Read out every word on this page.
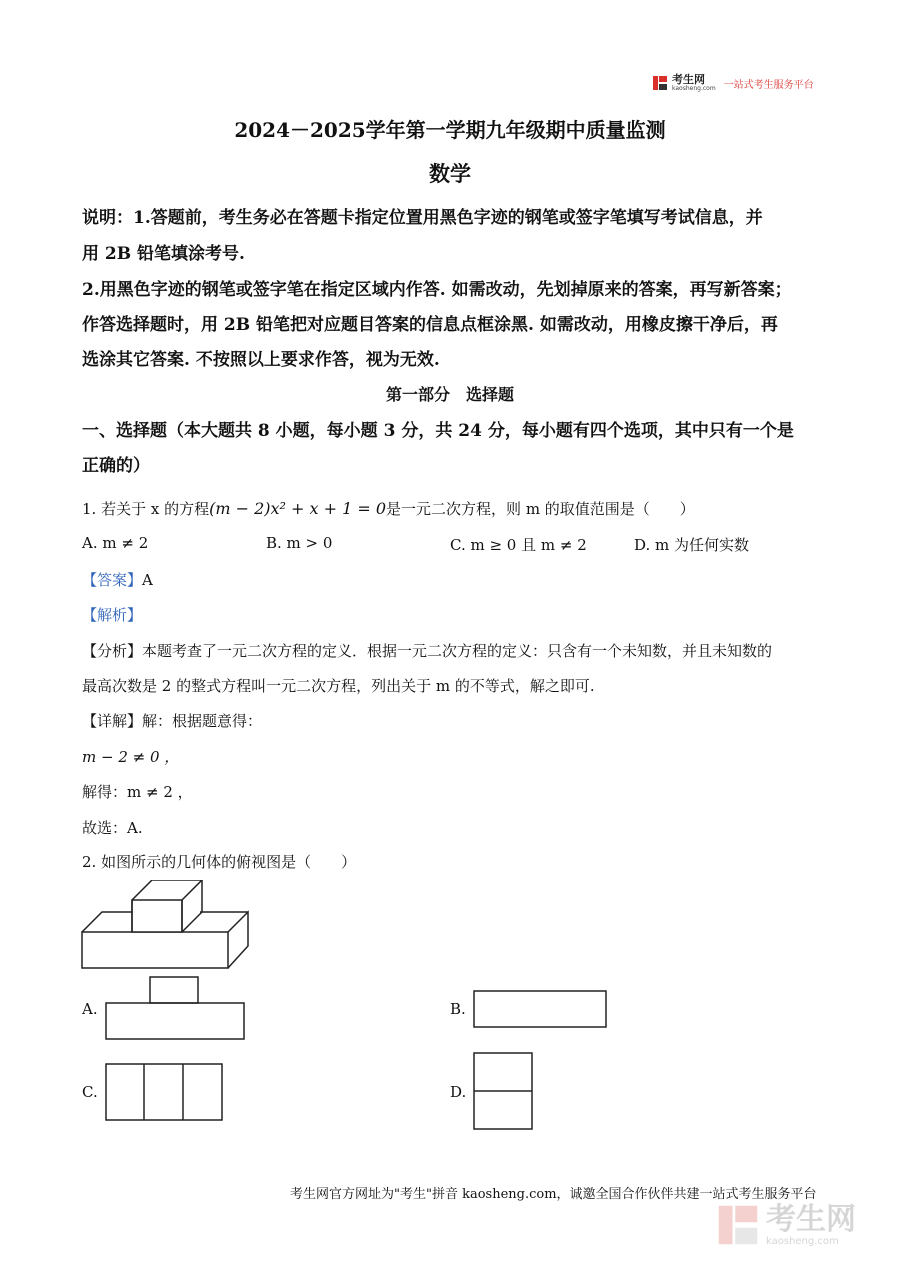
考生网
kaosheng.com 一站式考生服务平台
2024－2025学年第一学期九年级期中质量监测
数学
说明：1.答题前，考生务必在答题卡指定位置用黑色字迹的钢笔或签字笔填写考试信息，并
用 2B 铅笔填涂考号.
2.用黑色字迹的钢笔或签字笔在指定区域内作答. 如需改动，先划掉原来的答案，再写新答案；
作答选择题时，用 2B 铅笔把对应题目答案的信息点框涂黑. 如需改动，用橡皮擦干净后，再
选涂其它答案. 不按照以上要求作答，视为无效.
第一部分　选择题
一、选择题（本大题共 8 小题，每小题 3 分，共 24 分，每小题有四个选项，其中只有一个是
正确的）
1. 若关于 x 的方程(m − 2)x² + x + 1 = 0是一元二次方程，则 m 的取值范围是（　　）
A. m ≠ 2	B. m > 0	C. m ≥ 0 且 m ≠ 2	D. m 为任何实数
【答案】A
【解析】
【分析】本题考查了一元二次方程的定义．根据一元二次方程的定义：只含有一个未知数，并且未知数的
最高次数是 2 的整式方程叫一元二次方程，列出关于 m 的不等式，解之即可.
【详解】解：根据题意得：
m − 2 ≠ 0 ，
解得：m ≠ 2 ，
故选：A.
2. 如图所示的几何体的俯视图是（　　）
A.	B.
C.	D.
考生网官方网址为"考生"拼音 kaosheng.com，诚邀全国合作伙伴共建一站式考生服务平台
考生网
kaosheng.com
